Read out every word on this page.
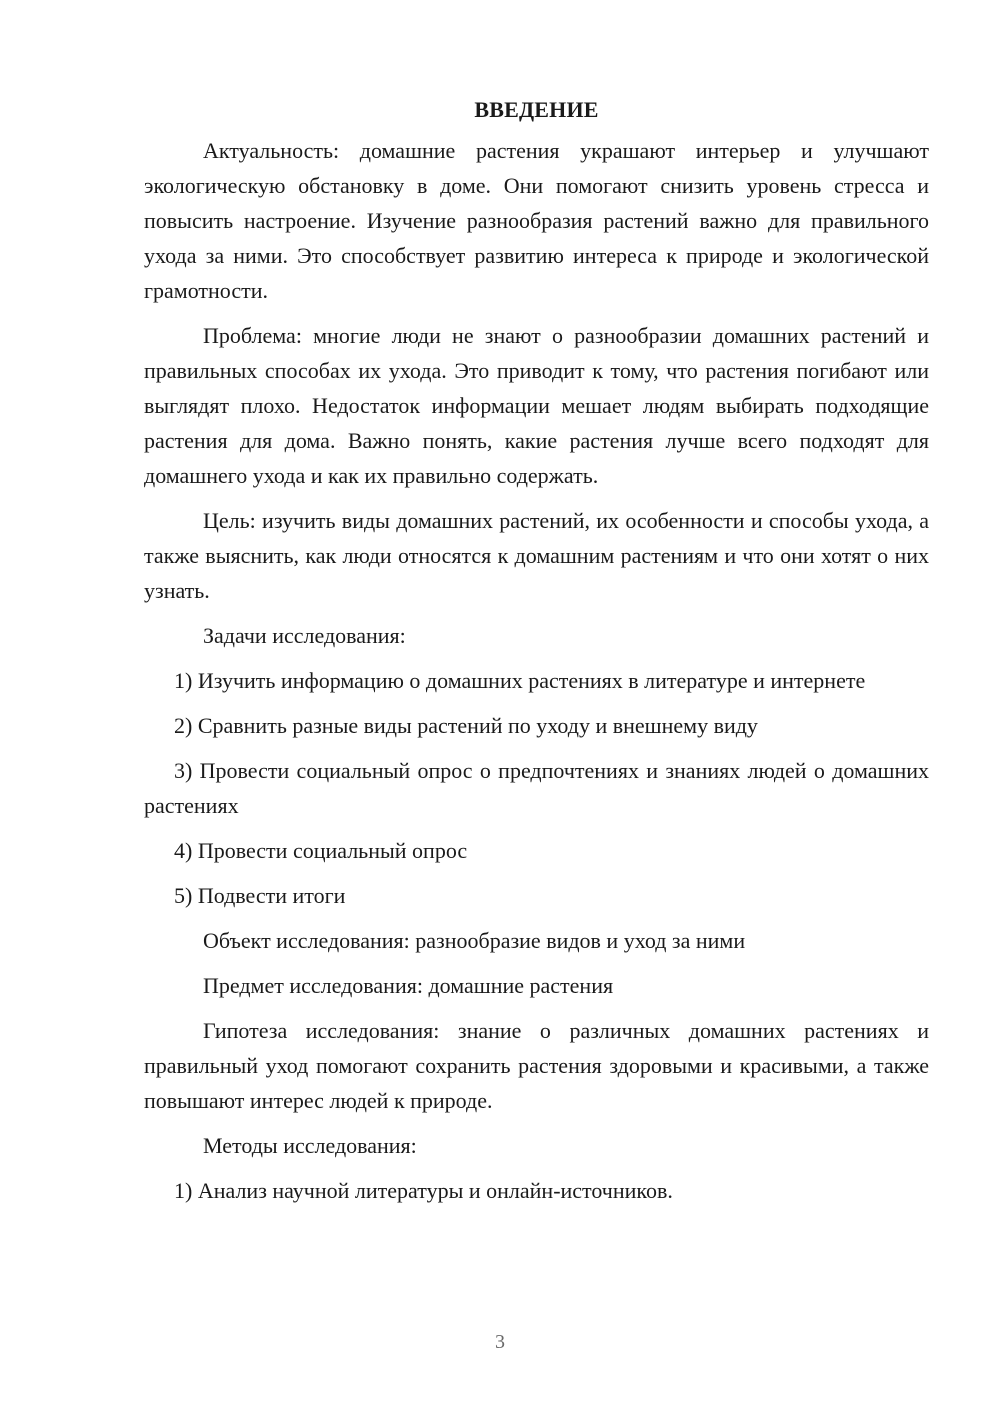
ВВЕДЕНИЕ

Актуальность: домашние растения украшают интерьер и улучшают экологическую обстановку в доме. Они помогают снизить уровень стресса и повысить настроение. Изучение разнообразия растений важно для правильного ухода за ними. Это способствует развитию интереса к природе и экологической грамотности.

Проблема: многие люди не знают о разнообразии домашних растений и правильных способах их ухода. Это приводит к тому, что растения погибают или выглядят плохо. Недостаток информации мешает людям выбирать подходящие растения для дома. Важно понять, какие растения лучше всего подходят для домашнего ухода и как их правильно содержать.

Цель: изучить виды домашних растений, их особенности и способы ухода, а также выяснить, как люди относятся к домашним растениям и что они хотят о них узнать.

Задачи исследования:

1) Изучить информацию о домашних растениях в литературе и интернете

2) Сравнить разные виды растений по уходу и внешнему виду

3) Провести социальный опрос о предпочтениях и знаниях людей о домашних растениях

4) Провести социальный опрос

5) Подвести итоги

Объект исследования: разнообразие видов и уход за ними

Предмет исследования: домашние растения

Гипотеза исследования: знание о различных домашних растениях и правильный уход помогают сохранить растения здоровыми и красивыми, а также повышают интерес людей к природе.

Методы исследования:

1) Анализ научной литературы и онлайн-источников.

3
